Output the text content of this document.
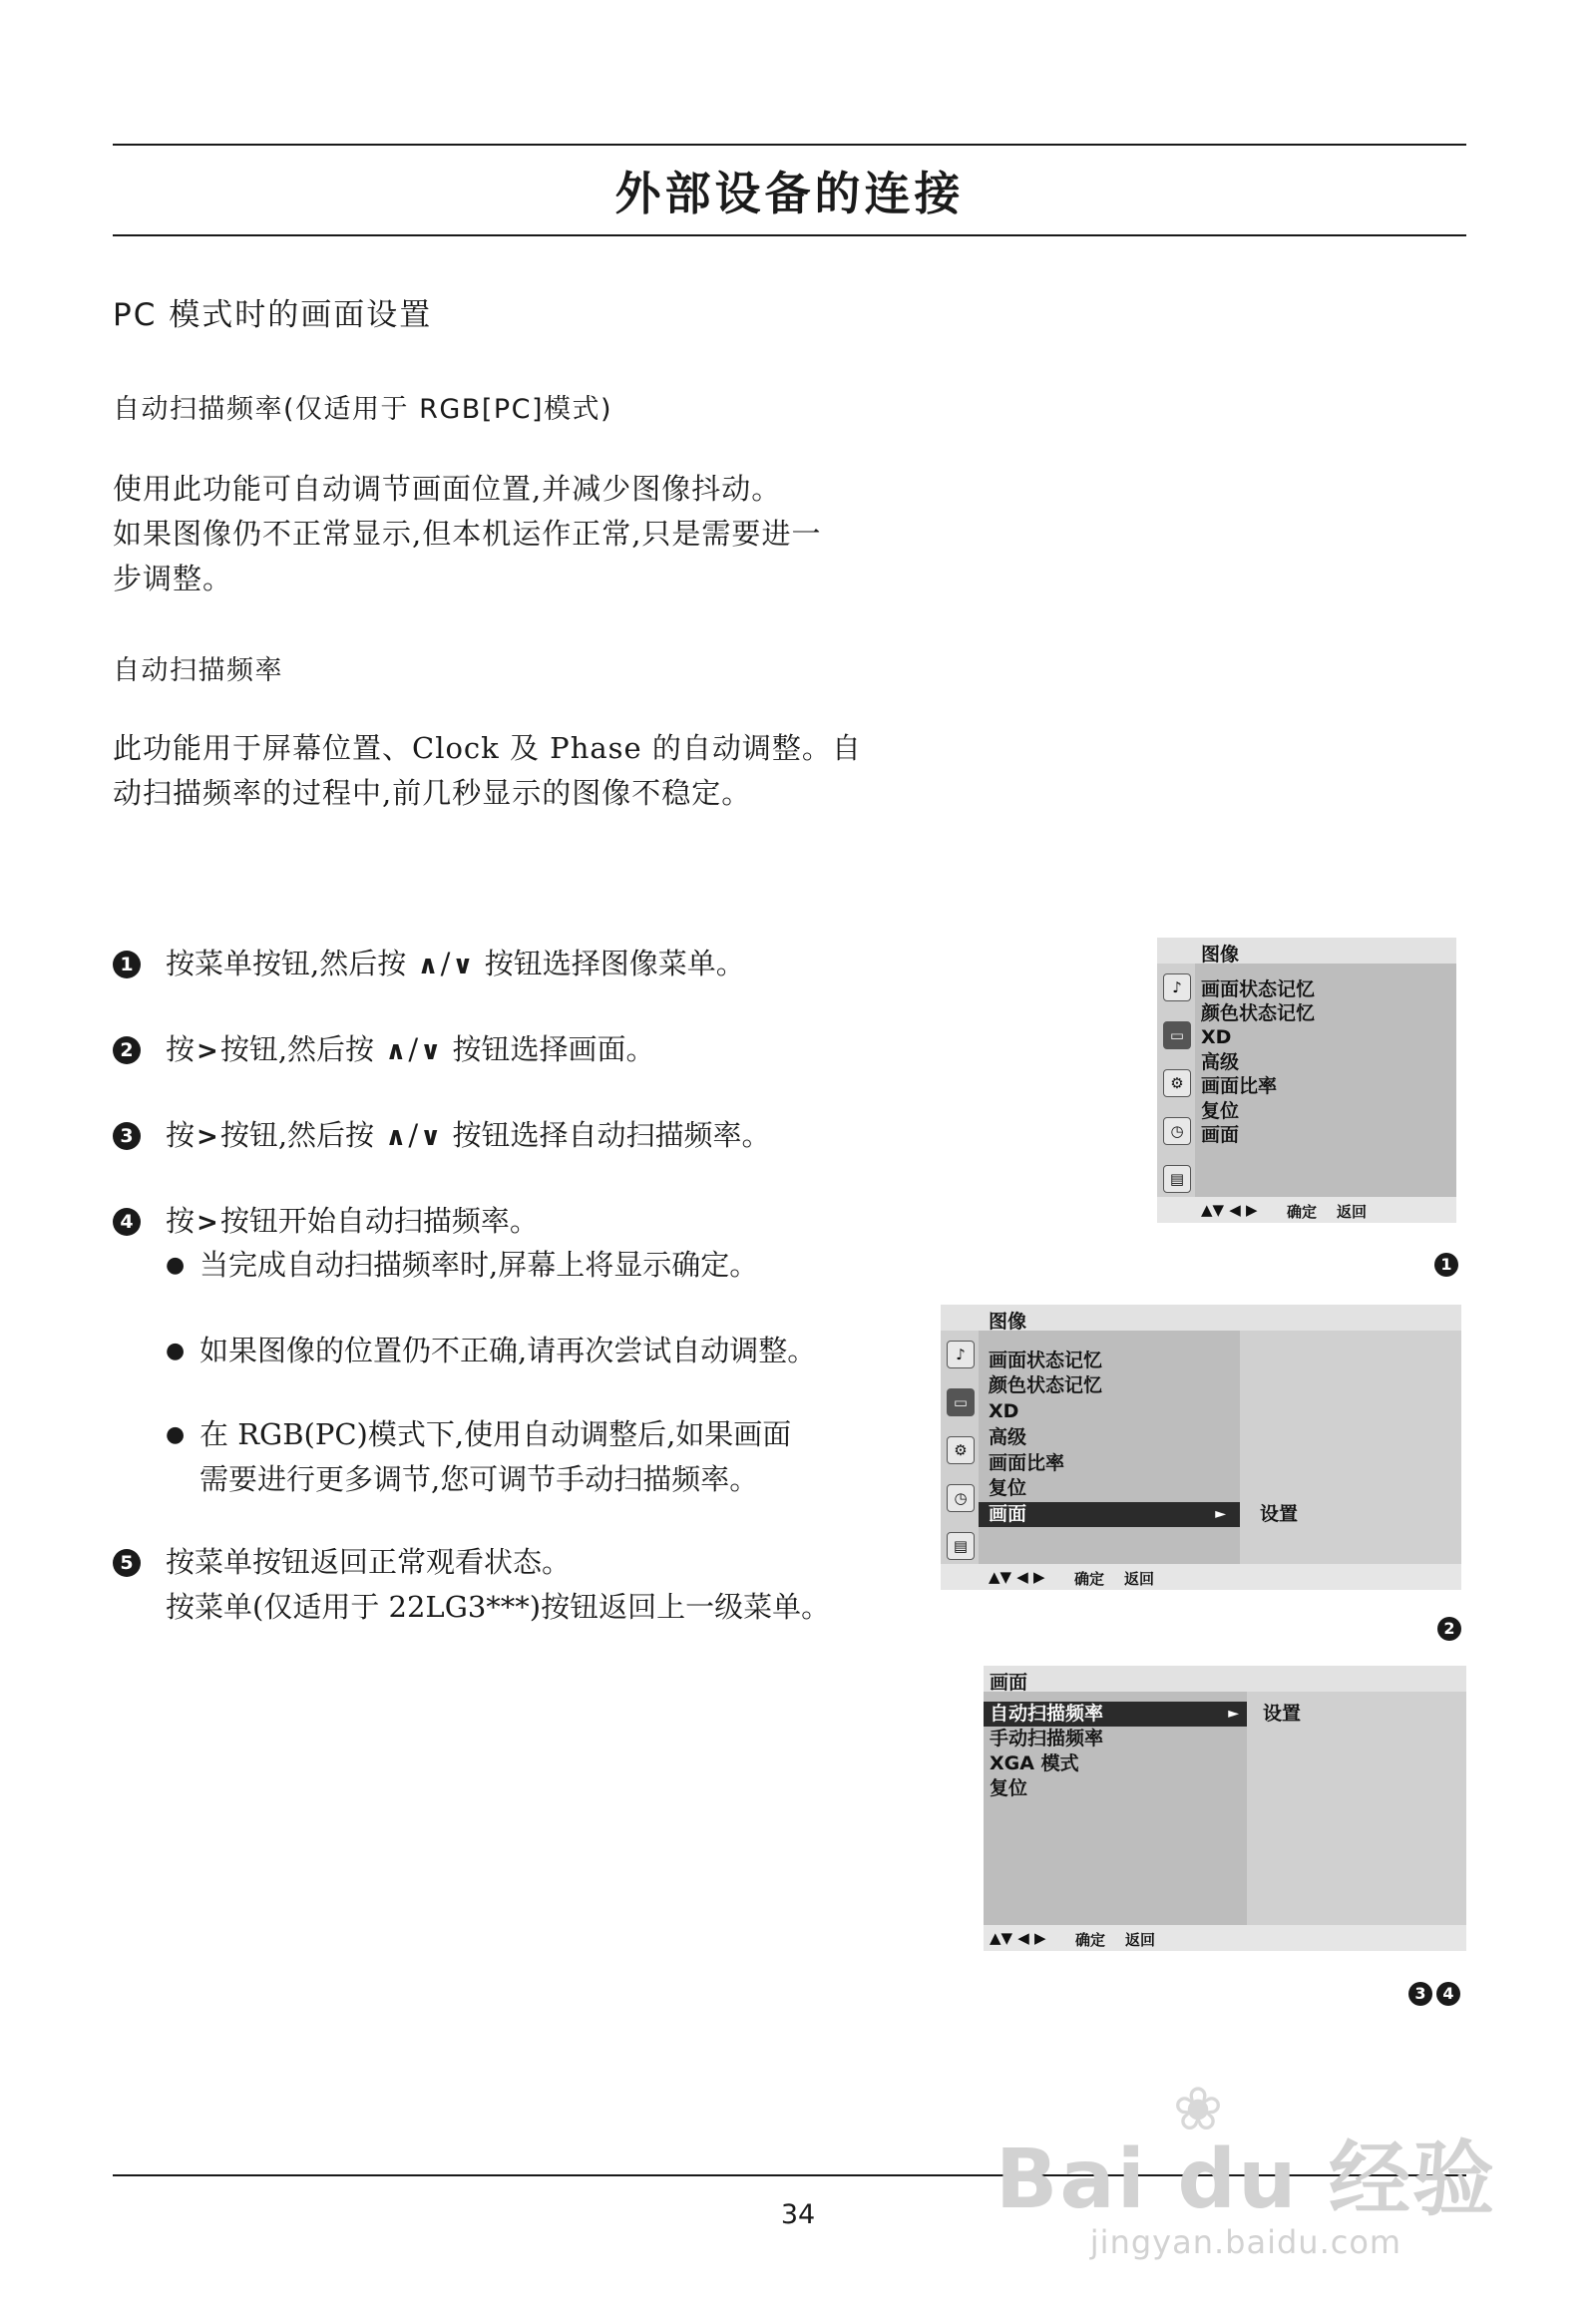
外部设备的连接
PC 模式时的画面设置
自动扫描频率(仅适用于 RGB[PC]模式)

使用此功能可自动调节画面位置,并减少图像抖动。

如果图像仍不正常显示,但本机运作正常,只是需要进一

步调整。

自动扫描频率

此功能用于屏幕位置、Clock 及 Phase 的自动调整。自

动扫描频率的过程中,前几秒显示的图像不稳定。

1 按菜单按钮,然后按 ∧/∨ 按钮选择图像菜单。
2 按>按钮,然后按 ∧/∨ 按钮选择画面。
3 按>按钮,然后按 ∧/∨ 按钮选择自动扫描频率。
4 按>按钮开始自动扫描频率。
● 当完成自动扫描频率时,屏幕上将显示确定。

● 如果图像的位置仍不正确,请再次尝试自动调整。

● 在 RGB(PC)模式下,使用自动调整后,如果画面

需要进行更多调节,您可调节手动扫描频率。

5 按菜单按钮返回正常观看状态。
按菜单(仅适用于 22LG3***)按钮返回上一级菜单。
图像
♪
▭
⚙
◷
▤
画面状态记忆
颜色状态记忆
XD
高级
画面比率
复位
画面
▲▼ ◀ ▶ 确定 返回
1
图像
♪
▭
⚙
◷
▤
画面状态记忆
颜色状态记忆
XD
高级
画面比率
复位
画面	► 设置
▲▼ ◀ ▶ 确定 返回
2
画面
自动扫描频率	► 设置
手动扫描频率
XGA 模式
复位
▲▼ ◀ ▶ 确定 返回
3	4
34
❀
Bai du 经验
jingyan.baidu.com
